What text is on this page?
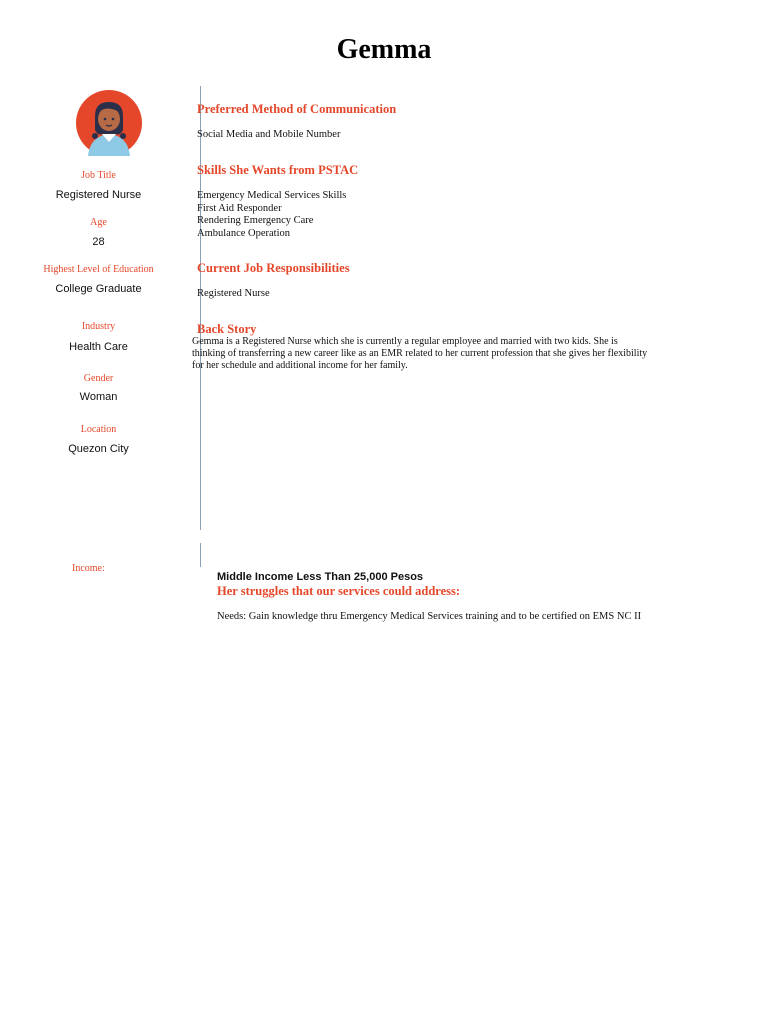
Gemma
Job Title
Registered Nurse
Age
28
Highest Level of Education
College Graduate
Industry
Health Care
Gender
Woman
Location
Quezon City
Preferred Method of Communication
Social Media and Mobile Number
Skills She Wants from PSTAC
Emergency Medical Services Skills
First Aid Responder
Rendering Emergency Care
Ambulance Operation
Current Job Responsibilities
Registered Nurse
Back Story
Gemma is a Registered Nurse which she is currently a regular employee and married with two kids. She is thinking of transferring a new career like as an EMR related to her current profession that she gives her flexibility for her schedule and additional income for her family.
Income:
Middle Income Less Than 25,000 Pesos
Her struggles that our services could address:
Needs: Gain knowledge thru Emergency Medical Services training and to be certified on EMS NC II
